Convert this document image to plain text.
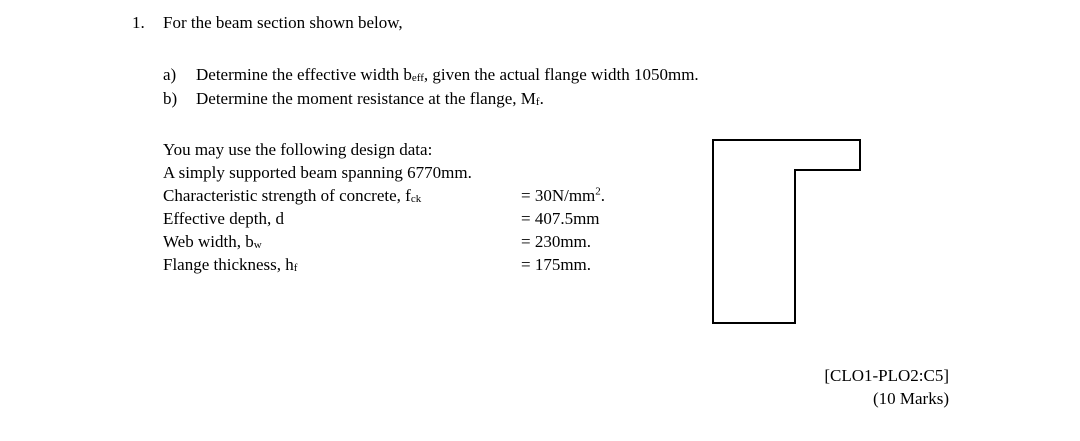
1. For the beam section shown below,
a) Determine the effective width beff, given the actual flange width 1050mm.
b) Determine the moment resistance at the flange, Mf.
You may use the following design data:
A simply supported beam spanning 6770mm.
Characteristic strength of concrete, fck	= $30N/mm^2$.
Effective depth, d	= 407.5mm
Web width, bw	= 230mm.
Flange thickness, hf	= 175mm.
[CLO1-PLO2:C5]
(10 Marks)
